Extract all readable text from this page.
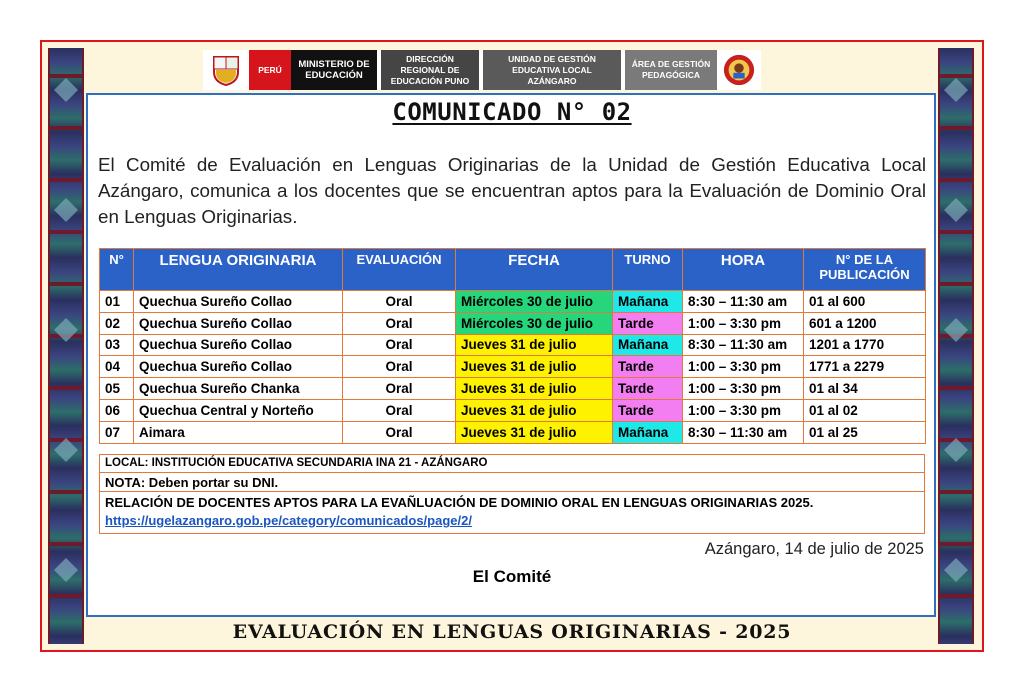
PERÚ	MINISTERIO DE EDUCACIÓN
DIRECCIÓN REGIONAL DE EDUCACIÓN PUNO
UNIDAD DE GESTIÓN EDUCATIVA LOCAL AZÁNGARO
ÁREA DE GESTIÓN PEDAGÓGICA
COMUNICADO N° 02

El Comité de Evaluación en Lenguas Originarias de la Unidad de Gestión Educativa Local Azángaro, comunica a los docentes que se encuentran aptos para la Evaluación de Dominio Oral en Lenguas Originarias.

N°	LENGUA ORIGINARIA	EVALUACIÓN	FECHA	TURNO	HORA	N° DE LA PUBLICACIÓN
01	Quechua Sureño Collao	Oral	Miércoles 30 de julio	Mañana	8:30 – 11:30 am	01 al 600
02	Quechua Sureño Collao	Oral	Miércoles 30 de julio	Tarde	1:00 – 3:30 pm	601 a 1200
03	Quechua Sureño Collao	Oral	Jueves 31 de julio	Mañana	8:30 – 11:30 am	1201 a 1770
04	Quechua Sureño Collao	Oral	Jueves 31 de julio	Tarde	1:00 – 3:30 pm	1771 a 2279
05	Quechua Sureño Chanka	Oral	Jueves 31 de julio	Tarde	1:00 – 3:30 pm	01 al 34
06	Quechua Central y Norteño	Oral	Jueves 31 de julio	Tarde	1:00 – 3:30 pm	01 al 02
07	Aimara	Oral	Jueves 31 de julio	Mañana	8:30 – 11:30 am	01 al 25
LOCAL: INSTITUCIÓN EDUCATIVA SECUNDARIA INA 21 - AZÁNGARO
NOTA: Deben portar su DNI.
RELACIÓN DE DOCENTES APTOS PARA LA EVAÑLUACIÓN DE DOMINIO ORAL EN LENGUAS ORIGINARIAS 2025.
https://ugelazangaro.gob.pe/category/comunicados/page/2/
Azángaro, 14 de julio de 2025
El Comité
EVALUACIÓN EN LENGUAS ORIGINARIAS - 2025
